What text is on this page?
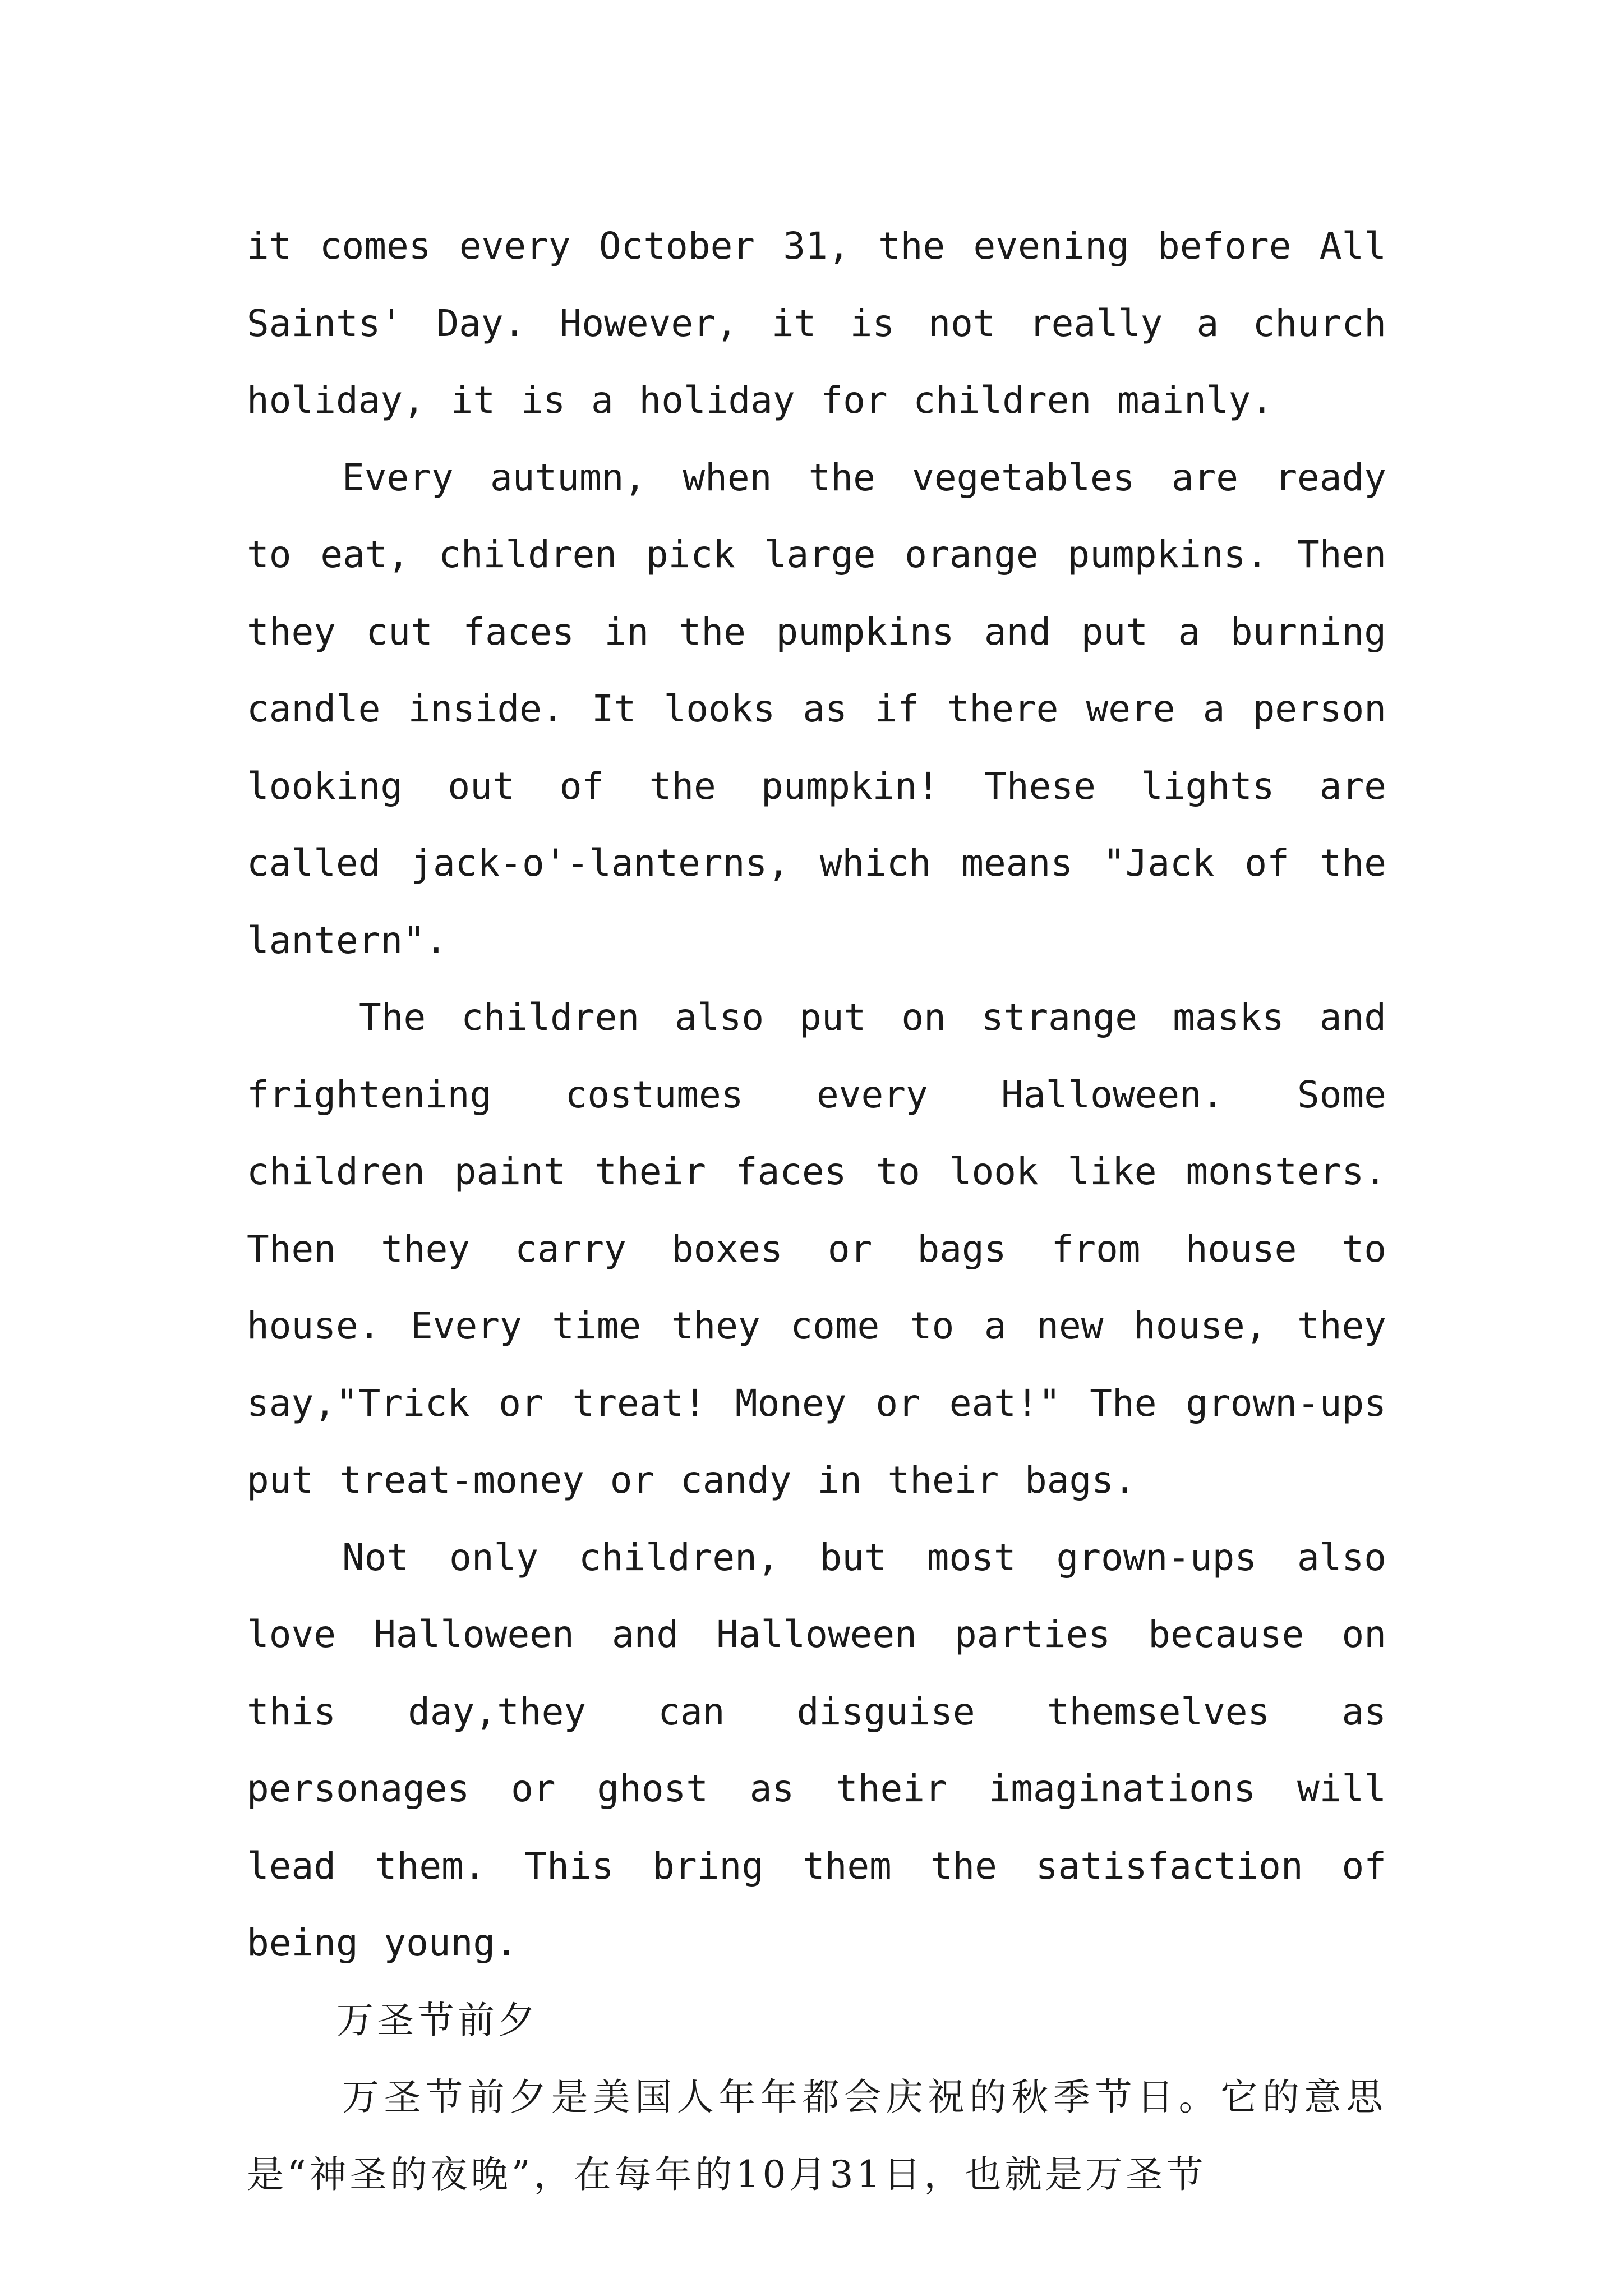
it comes every October 31, the evening before All Saints' Day. However, it is not really a church holiday, it is a holiday for children mainly.

Every autumn, when the vegetables are ready to eat, children pick large orange pumpkins. Then they cut faces in the pumpkins and put a burning candle inside. It looks as if there were a person looking out of the pumpkin! These lights are called jack-o'-lanterns, which means "Jack of the lantern".

The children also put on strange masks and frightening costumes every Halloween. Some children paint their faces to look like monsters. Then they carry boxes or bags from house to house. Every time they come to a new house, they say,"Trick or treat! Money or eat!" The grown-ups put treat-money or candy in their bags.

Not only children, but most grown-ups also love Halloween and Halloween parties because on this day,they can disguise themselves as personages or ghost as their imaginations will lead them. This bring them the satisfaction of being young.

万圣节前夕

万圣节前夕是美国人年年都会庆祝的秋季节日。它的意思是“神圣的夜晚”，在每年的10月31日，也就是万圣节
